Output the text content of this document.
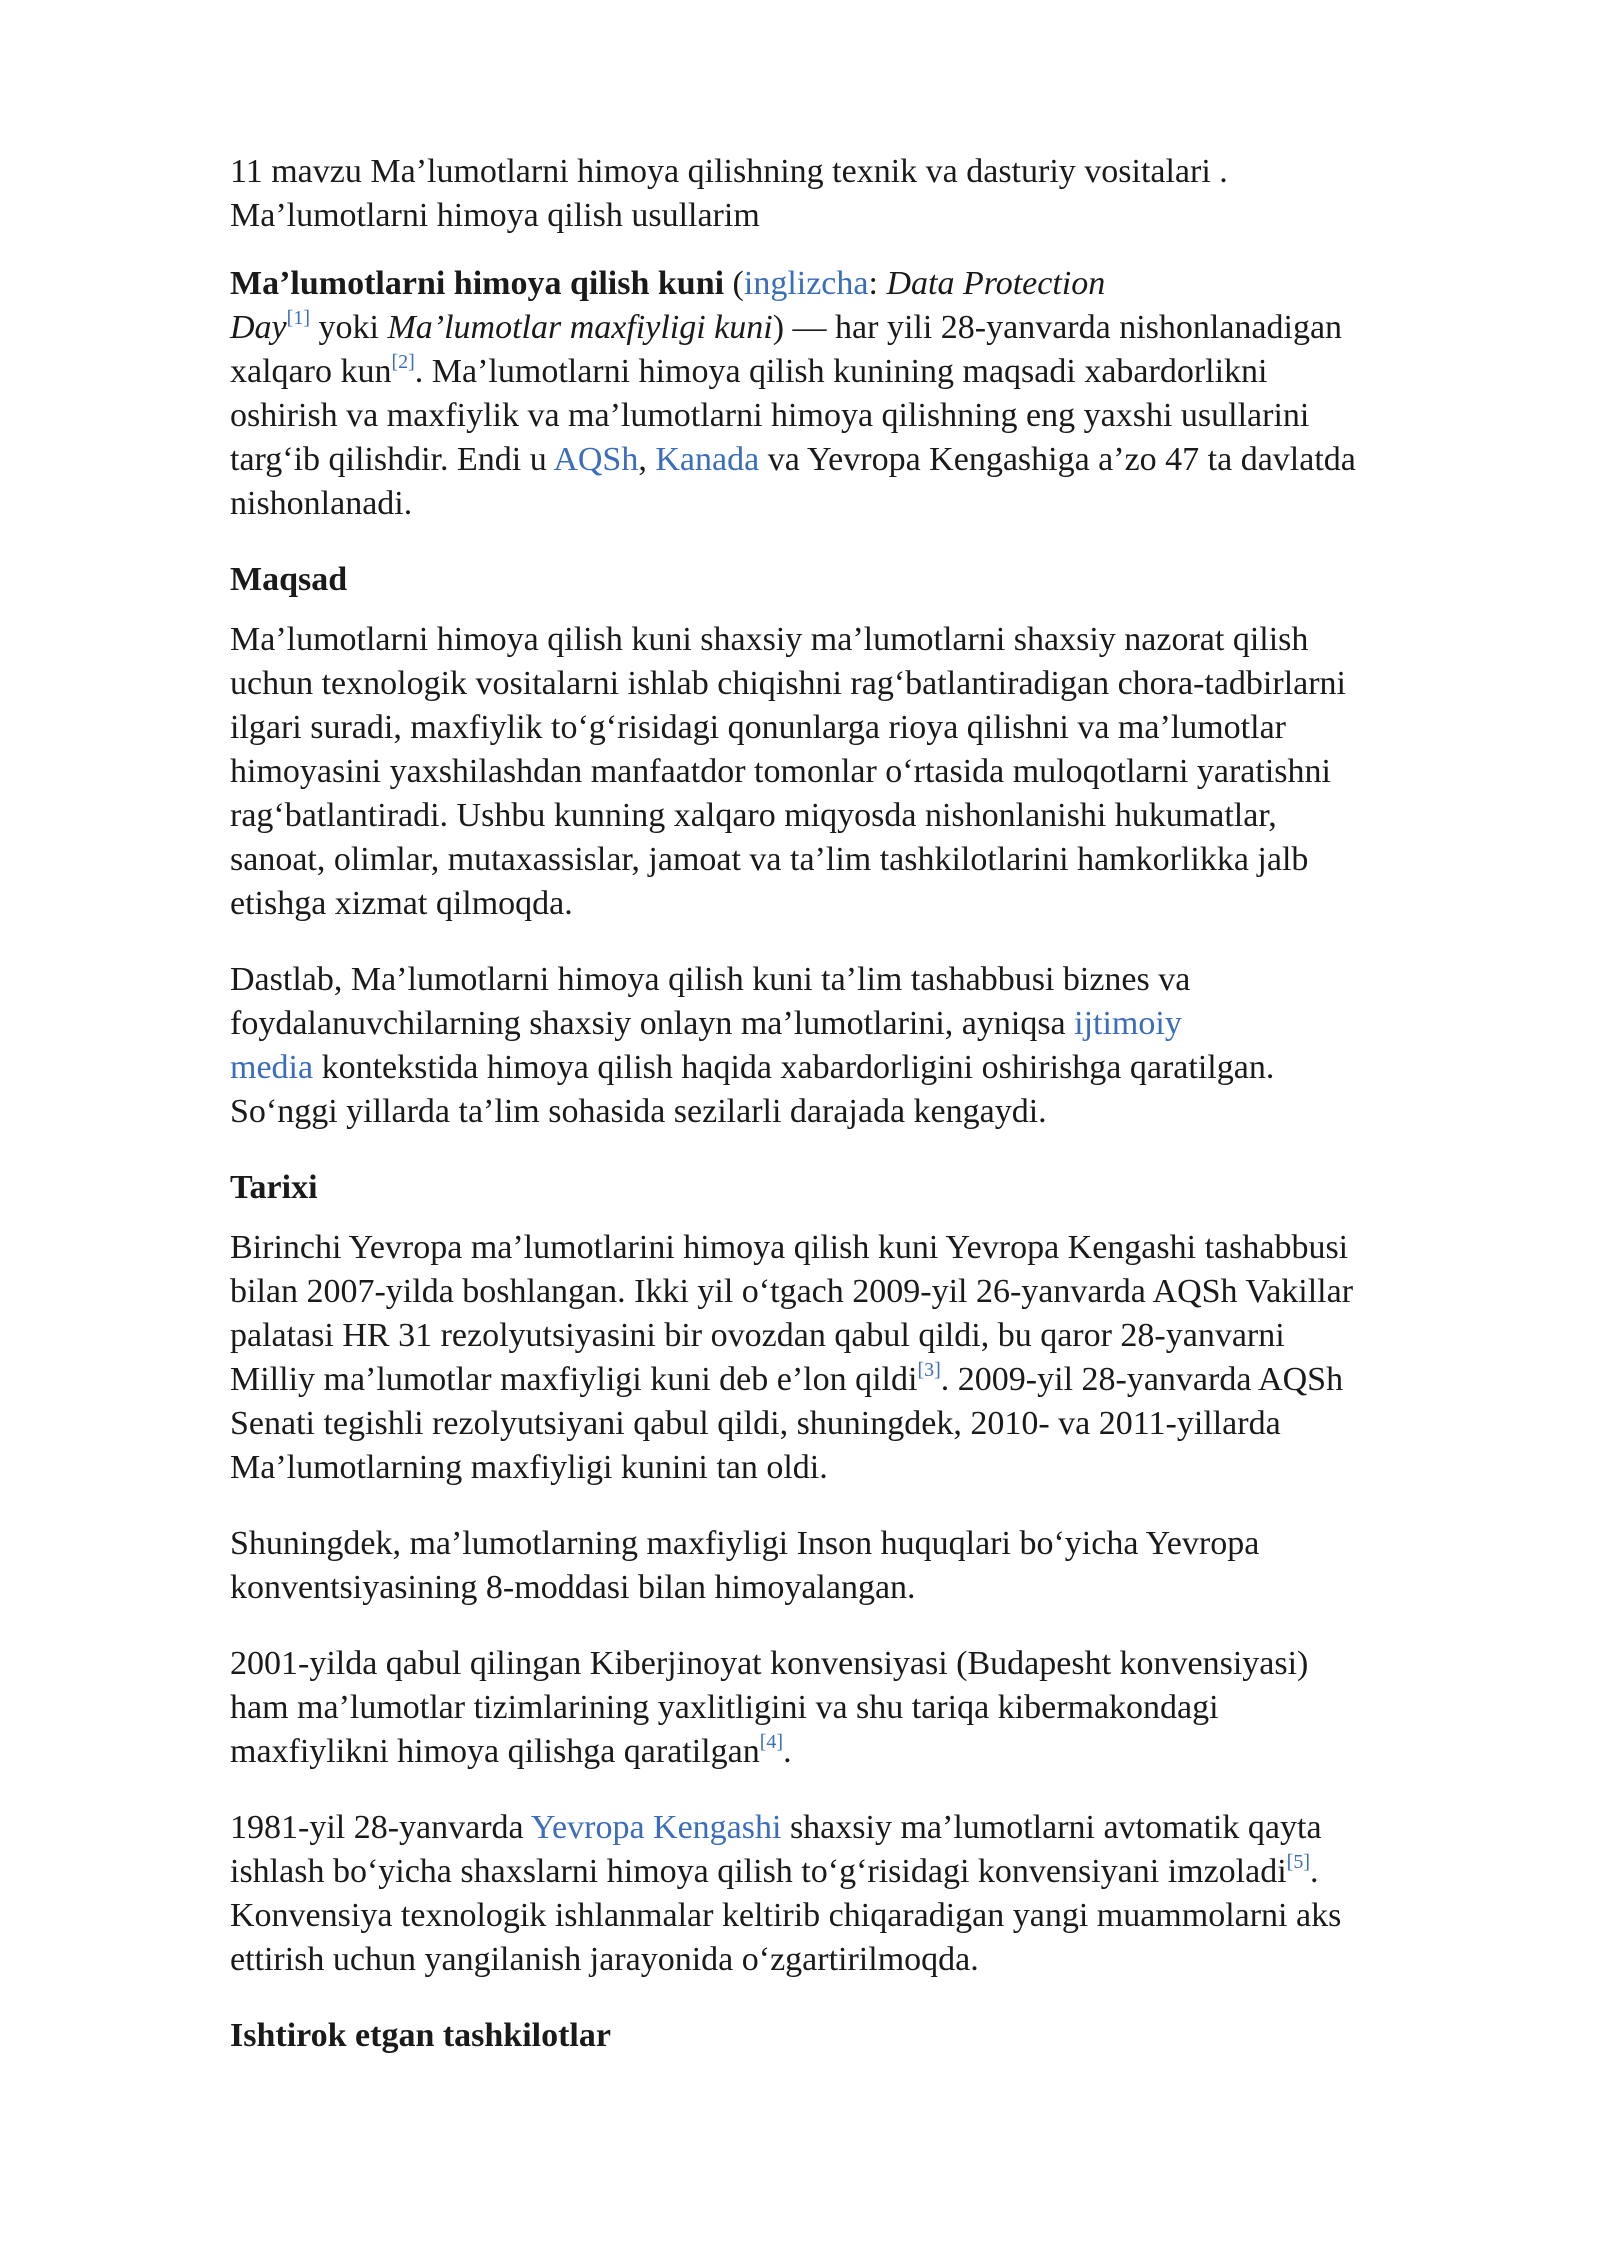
11 mavzu Ma’lumotlarni himoya qilishning texnik va dasturiy vositalari .
Ma’lumotlarni himoya qilish usullarim

Ma’lumotlarni himoya qilish kuni (inglizcha: Data Protection
Day[1] yoki Ma’lumotlar maxfiyligi kuni) — har yili 28-yanvarda nishonlanadigan
xalqaro kun[2]. Ma’lumotlarni himoya qilish kunining maqsadi xabardorlikni
oshirish va maxfiylik va ma’lumotlarni himoya qilishning eng yaxshi usullarini
targ‘ib qilishdir. Endi u AQSh, Kanada va Yevropa Kengashiga a’zo 47 ta davlatda
nishonlanadi.

Maqsad

Ma’lumotlarni himoya qilish kuni shaxsiy ma’lumotlarni shaxsiy nazorat qilish
uchun texnologik vositalarni ishlab chiqishni rag‘batlantiradigan chora-tadbirlarni
ilgari suradi, maxfiylik to‘g‘risidagi qonunlarga rioya qilishni va ma’lumotlar
himoyasini yaxshilashdan manfaatdor tomonlar o‘rtasida muloqotlarni yaratishni
rag‘batlantiradi. Ushbu kunning xalqaro miqyosda nishonlanishi hukumatlar,
sanoat, olimlar, mutaxassislar, jamoat va ta’lim tashkilotlarini hamkorlikka jalb
etishga xizmat qilmoqda.

Dastlab, Ma’lumotlarni himoya qilish kuni ta’lim tashabbusi biznes va
foydalanuvchilarning shaxsiy onlayn ma’lumotlarini, ayniqsa ijtimoiy
media kontekstida himoya qilish haqida xabardorligini oshirishga qaratilgan.
So‘nggi yillarda ta’lim sohasida sezilarli darajada kengaydi.

Tarixi

Birinchi Yevropa ma’lumotlarini himoya qilish kuni Yevropa Kengashi tashabbusi
bilan 2007-yilda boshlangan. Ikki yil o‘tgach 2009-yil 26-yanvarda AQSh Vakillar
palatasi HR 31 rezolyutsiyasini bir ovozdan qabul qildi, bu qaror 28-yanvarni
Milliy ma’lumotlar maxfiyligi kuni deb e’lon qildi[3]. 2009-yil 28-yanvarda AQSh
Senati tegishli rezolyutsiyani qabul qildi, shuningdek, 2010- va 2011-yillarda
Ma’lumotlarning maxfiyligi kunini tan oldi.

Shuningdek, ma’lumotlarning maxfiyligi Inson huquqlari bo‘yicha Yevropa
konventsiyasining 8-moddasi bilan himoyalangan.

2001-yilda qabul qilingan Kiberjinoyat konvensiyasi (Budapesht konvensiyasi)
ham ma’lumotlar tizimlarining yaxlitligini va shu tariqa kibermakondagi
maxfiylikni himoya qilishga qaratilgan[4].

1981-yil 28-yanvarda Yevropa Kengashi shaxsiy ma’lumotlarni avtomatik qayta
ishlash bo‘yicha shaxslarni himoya qilish to‘g‘risidagi konvensiyani imzoladi[5].
Konvensiya texnologik ishlanmalar keltirib chiqaradigan yangi muammolarni aks
ettirish uchun yangilanish jarayonida o‘zgartirilmoqda.

Ishtirok etgan tashkilotlar
